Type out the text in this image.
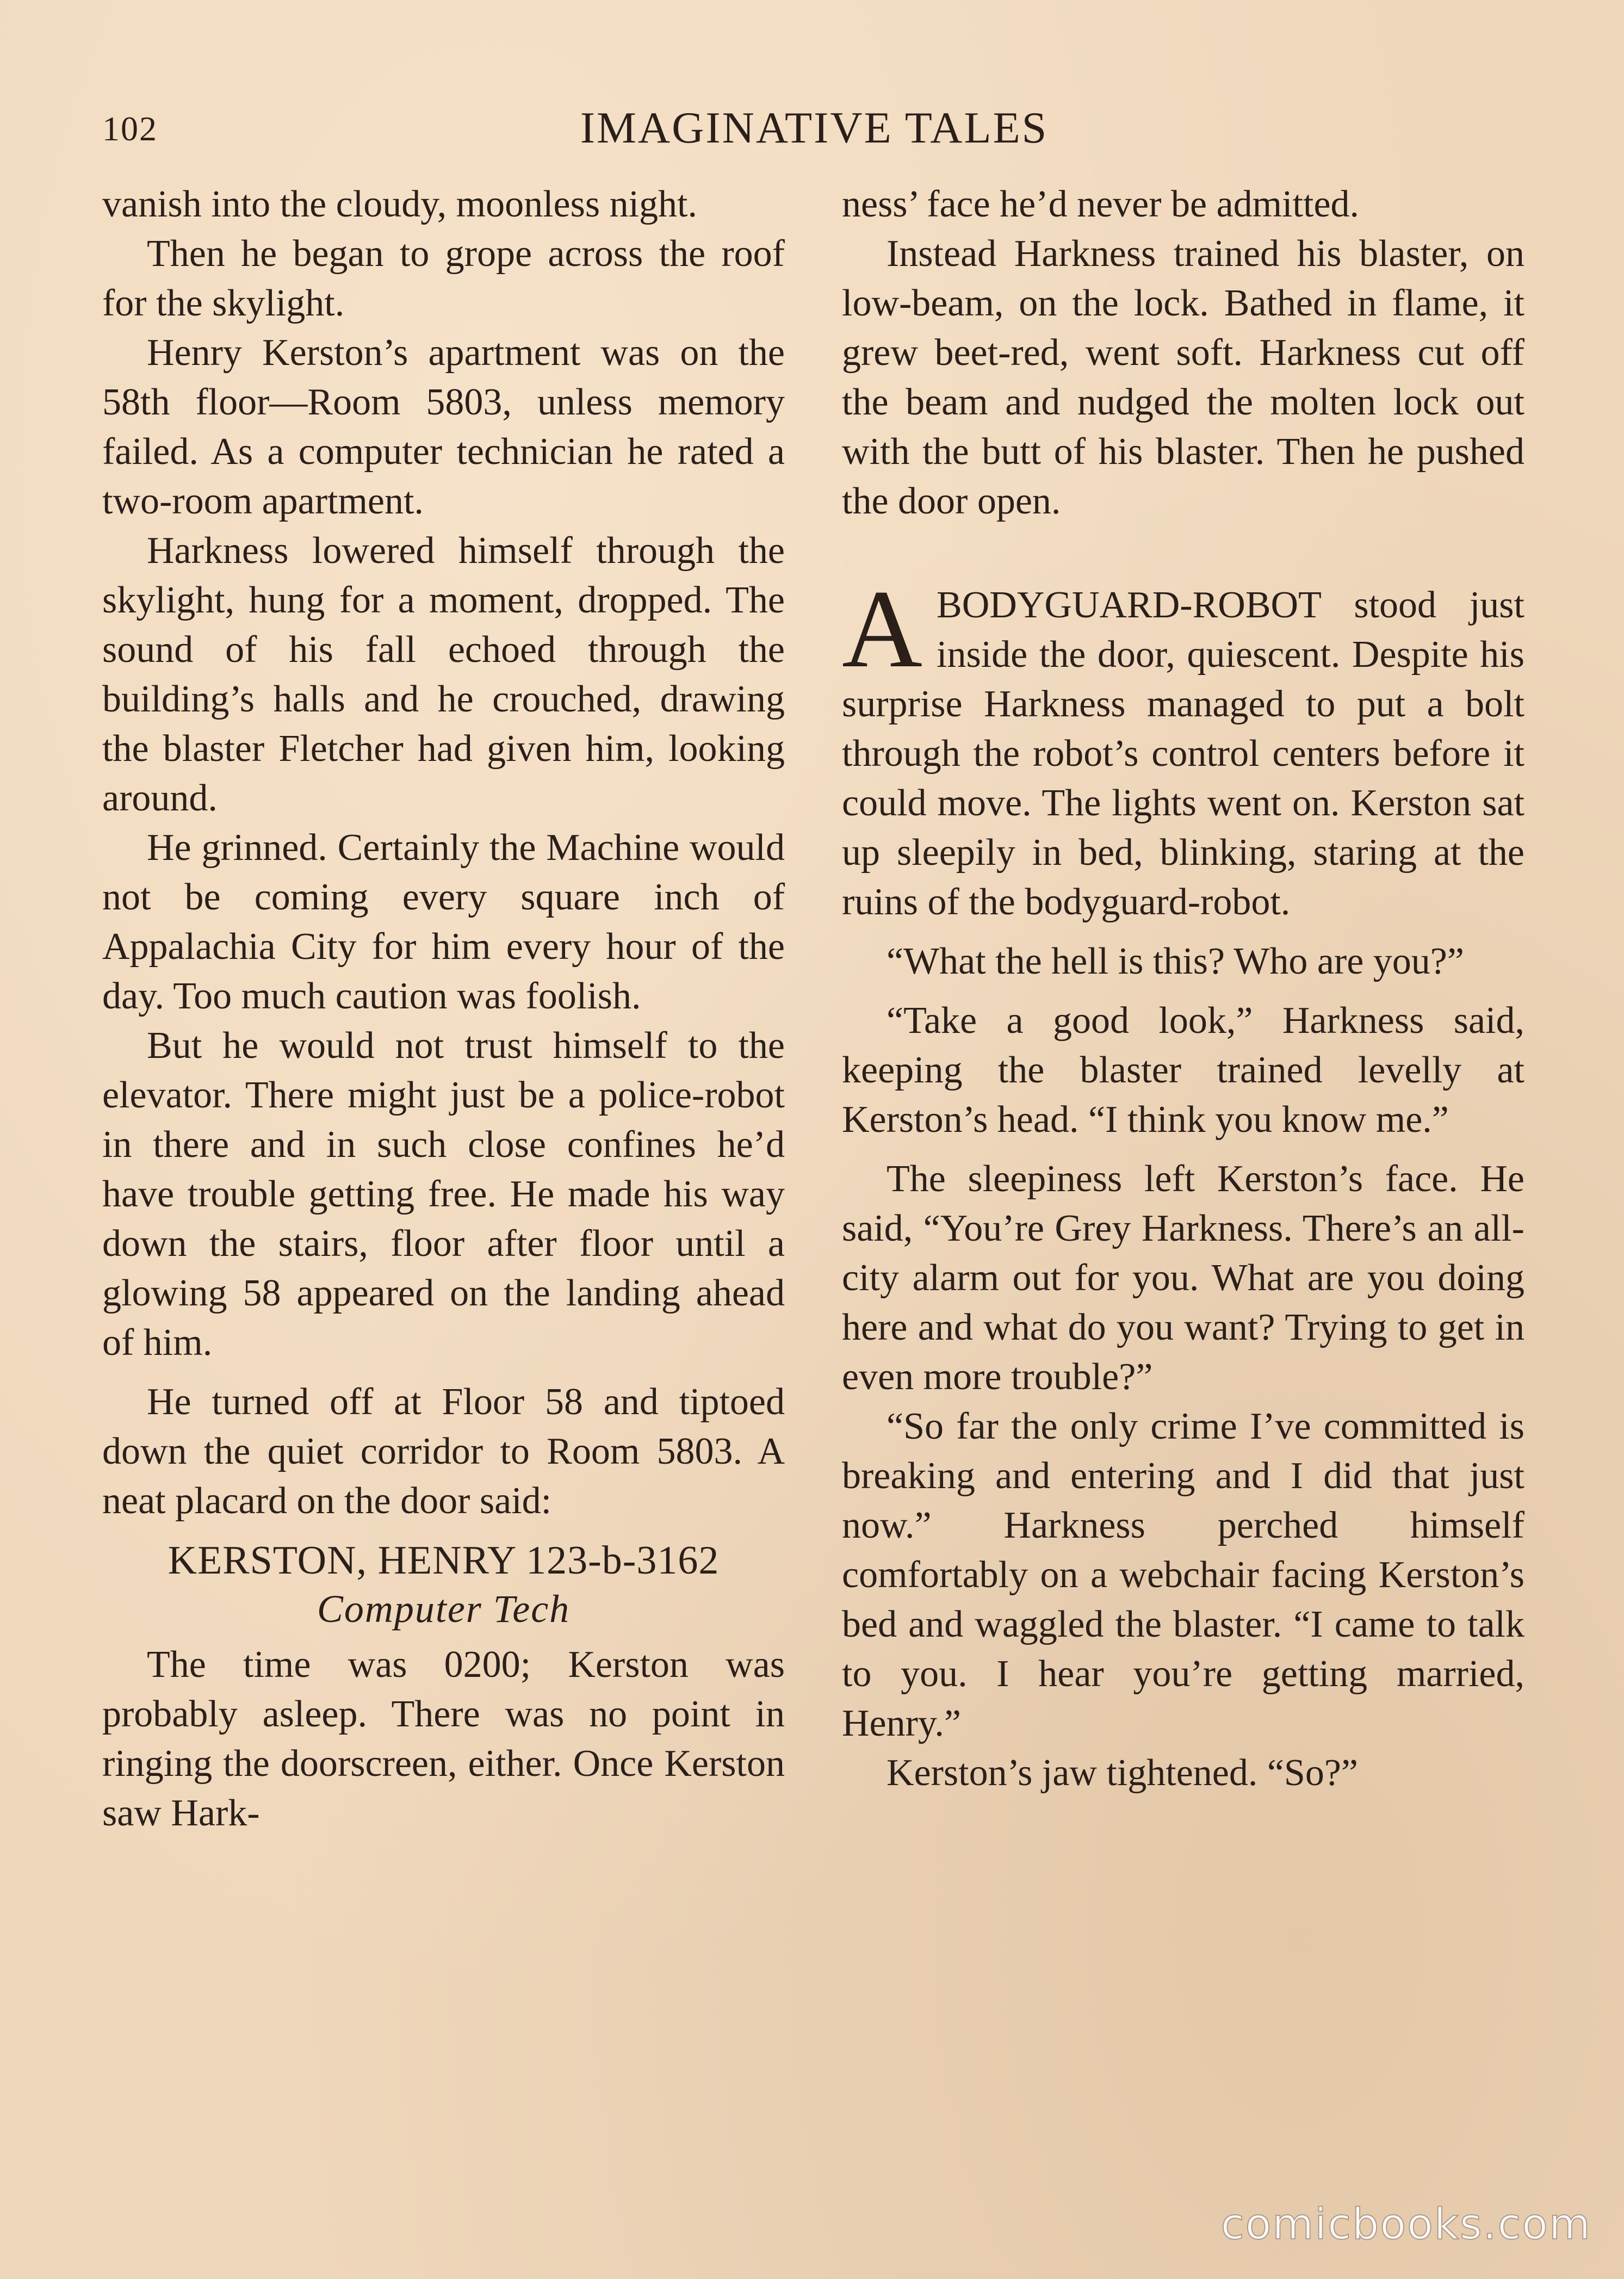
102	IMAGINATIVE TALES

vanish into the cloudy, moonless night.

Then he began to grope across the roof for the skylight.

Henry Kerston’s apartment was on the 58th floor—Room 5803, unless memory failed. As a computer technician he rated a two-room apartment.

Harkness lowered himself through the skylight, hung for a moment, dropped. The sound of his fall echoed through the building’s halls and he crouched, drawing the blaster Fletcher had given him, looking around.

He grinned. Certainly the Machine would not be coming every square inch of Appalachia City for him every hour of the day. Too much caution was foolish.

But he would not trust himself to the elevator. There might just be a police-robot in there and in such close confines he’d have trouble getting free. He made his way down the stairs, floor after floor until a glowing 58 appeared on the landing ahead of him.

He turned off at Floor 58 and tiptoed down the quiet corridor to Room 5803. A neat placard on the door said:

KERSTON, HENRY 123-b-3162
Computer Tech

The time was 0200; Kerston was probably asleep. There was no point in ringing the doorscreen, either. Once Kerston saw Hark-

ness’ face he’d never be admitted.

Instead Harkness trained his blaster, on low-beam, on the lock. Bathed in flame, it grew beet-red, went soft. Harkness cut off the beam and nudged the molten lock out with the butt of his blaster. Then he pushed the door open.

ABODYGUARD-ROBOT stood just inside the door, quiescent. Despite his surprise Harkness managed to put a bolt through the robot’s control centers before it could move. The lights went on. Kerston sat up sleepily in bed, blinking, staring at the ruins of the bodyguard-robot.

“What the hell is this? Who are you?”

“Take a good look,” Harkness said, keeping the blaster trained levelly at Kerston’s head. “I think you know me.”

The sleepiness left Kerston’s face. He said, “You’re Grey Harkness. There’s an all-city alarm out for you. What are you doing here and what do you want? Trying to get in even more trouble?”

“So far the only crime I’ve committed is breaking and entering and I did that just now.” Harkness perched himself comfortably on a webchair facing Kerston’s bed and waggled the blaster. “I came to talk to you. I hear you’re getting married, Henry.”

Kerston’s jaw tightened. “So?”

comicbooks.com
